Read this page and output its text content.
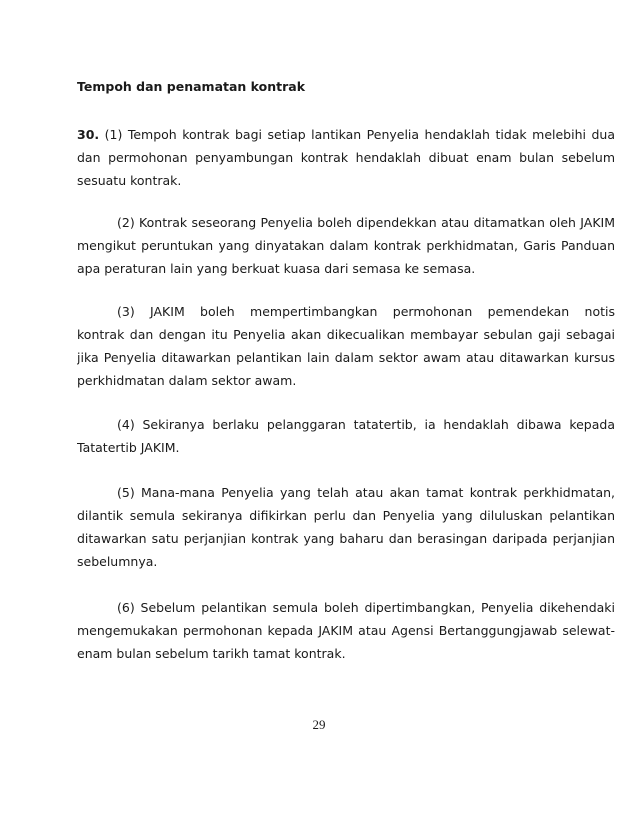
Tempoh dan penamatan kontrak
30. (1) Tempoh kontrak bagi setiap lantikan Penyelia hendaklah tidak melebihi dua
dan permohonan penyambungan kontrak hendaklah dibuat enam bulan sebelum
sesuatu kontrak.
(2) Kontrak seseorang Penyelia boleh dipendekkan atau ditamatkan oleh JAKIM
mengikut peruntukan yang dinyatakan dalam kontrak perkhidmatan, Garis Panduan
apa peraturan lain yang berkuat kuasa dari semasa ke semasa.
(3) JAKIM boleh mempertimbangkan permohonan pemendekan notis
kontrak dan dengan itu Penyelia akan dikecualikan membayar sebulan gaji sebagai
jika Penyelia ditawarkan pelantikan lain dalam sektor awam atau ditawarkan kursus
perkhidmatan dalam sektor awam.
(4) Sekiranya berlaku pelanggaran tatatertib, ia hendaklah dibawa kepada
Tatatertib JAKIM.
(5) Mana-mana Penyelia yang telah atau akan tamat kontrak perkhidmatan,
dilantik semula sekiranya difikirkan perlu dan Penyelia yang diluluskan pelantikan
ditawarkan satu perjanjian kontrak yang baharu dan berasingan daripada perjanjian
sebelumnya.
(6) Sebelum pelantikan semula boleh dipertimbangkan, Penyelia dikehendaki
mengemukakan permohonan kepada JAKIM atau Agensi Bertanggungjawab selewat-
enam bulan sebelum tarikh tamat kontrak.
29
